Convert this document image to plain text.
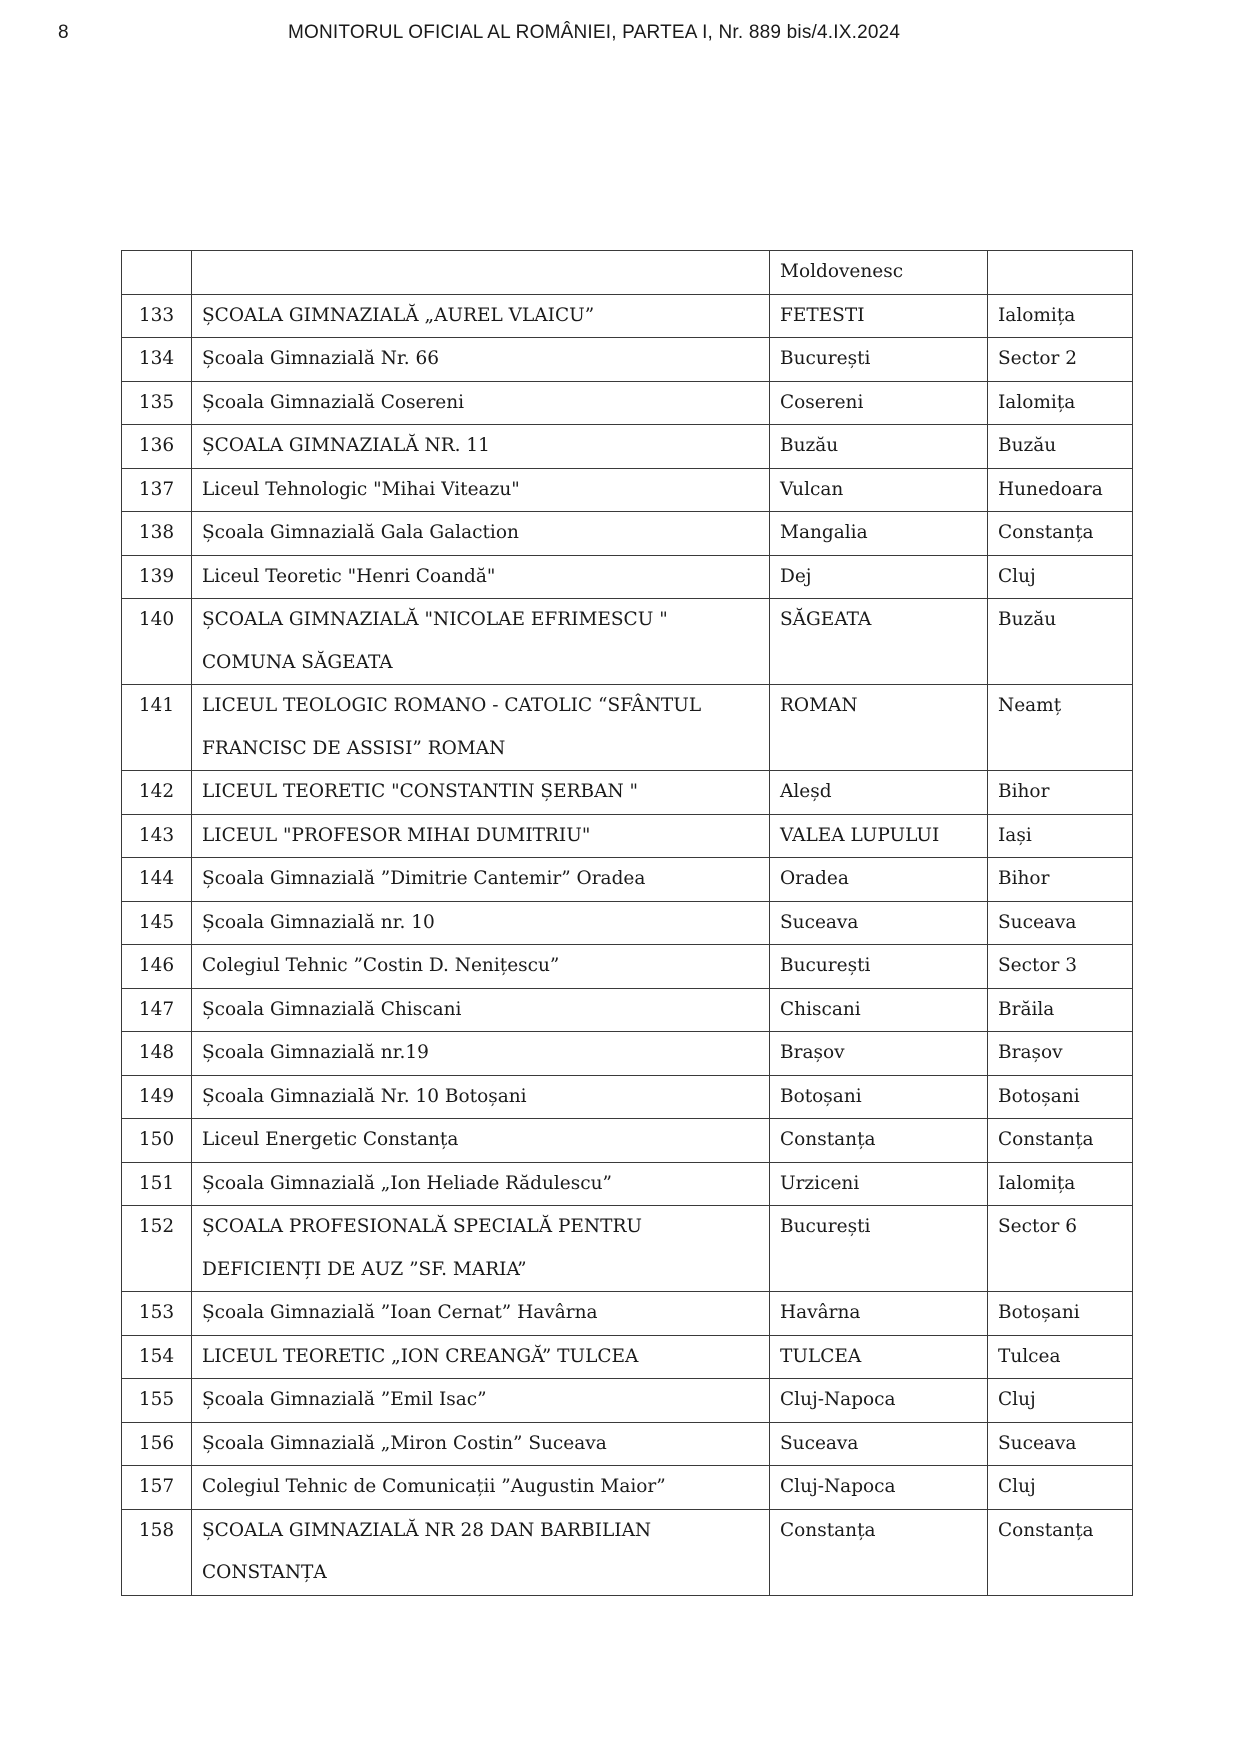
8	MONITORUL OFICIAL AL ROMÂNIEI, PARTEA I, Nr. 889 bis/4.IX.2024
		Moldovenesc	
133	ȘCOALA GIMNAZIALĂ „AUREL VLAICU”	FETESTI	Ialomița
134	Școala Gimnazială Nr. 66	București	Sector 2
135	Școala Gimnazială Cosereni	Cosereni	Ialomița
136	ȘCOALA GIMNAZIALĂ NR. 11	Buzău	Buzău
137	Liceul Tehnologic "Mihai Viteazu"	Vulcan	Hunedoara
138	Școala Gimnazială Gala Galaction	Mangalia	Constanța
139	Liceul Teoretic "Henri Coandă"	Dej	Cluj
140	ȘCOALA GIMNAZIALĂ "NICOLAE EFRIMESCU " COMUNA SĂGEATA	SĂGEATA	Buzău
141	LICEUL TEOLOGIC ROMANO - CATOLIC “SFÂNTUL FRANCISC DE ASSISI” ROMAN	ROMAN	Neamț
142	LICEUL TEORETIC "CONSTANTIN ȘERBAN "	Aleșd	Bihor
143	LICEUL "PROFESOR MIHAI DUMITRIU"	VALEA LUPULUI	Iași
144	Școala Gimnazială ”Dimitrie Cantemir” Oradea	Oradea	Bihor
145	Școala Gimnazială nr. 10	Suceava	Suceava
146	Colegiul Tehnic ”Costin D. Nenițescu”	București	Sector 3
147	Școala Gimnazială Chiscani	Chiscani	Brăila
148	Școala Gimnazială nr.19	Brașov	Brașov
149	Școala Gimnazială Nr. 10 Botoșani	Botoșani	Botoșani
150	Liceul Energetic Constanța	Constanța	Constanța
151	Școala Gimnazială „Ion Heliade Rădulescu”	Urziceni	Ialomița
152	ȘCOALA PROFESIONALĂ SPECIALĂ PENTRU DEFICIENȚI DE AUZ ”SF. MARIA”	București	Sector 6
153	Școala Gimnazială ”Ioan Cernat” Havârna	Havârna	Botoșani
154	LICEUL TEORETIC „ION CREANGĂ” TULCEA	TULCEA	Tulcea
155	Școala Gimnazială ”Emil Isac”	Cluj-Napoca	Cluj
156	Școala Gimnazială „Miron Costin” Suceava	Suceava	Suceava
157	Colegiul Tehnic de Comunicații ”Augustin Maior”	Cluj-Napoca	Cluj
158	ȘCOALA GIMNAZIALĂ NR 28 DAN BARBILIAN CONSTANȚA	Constanța	Constanța
